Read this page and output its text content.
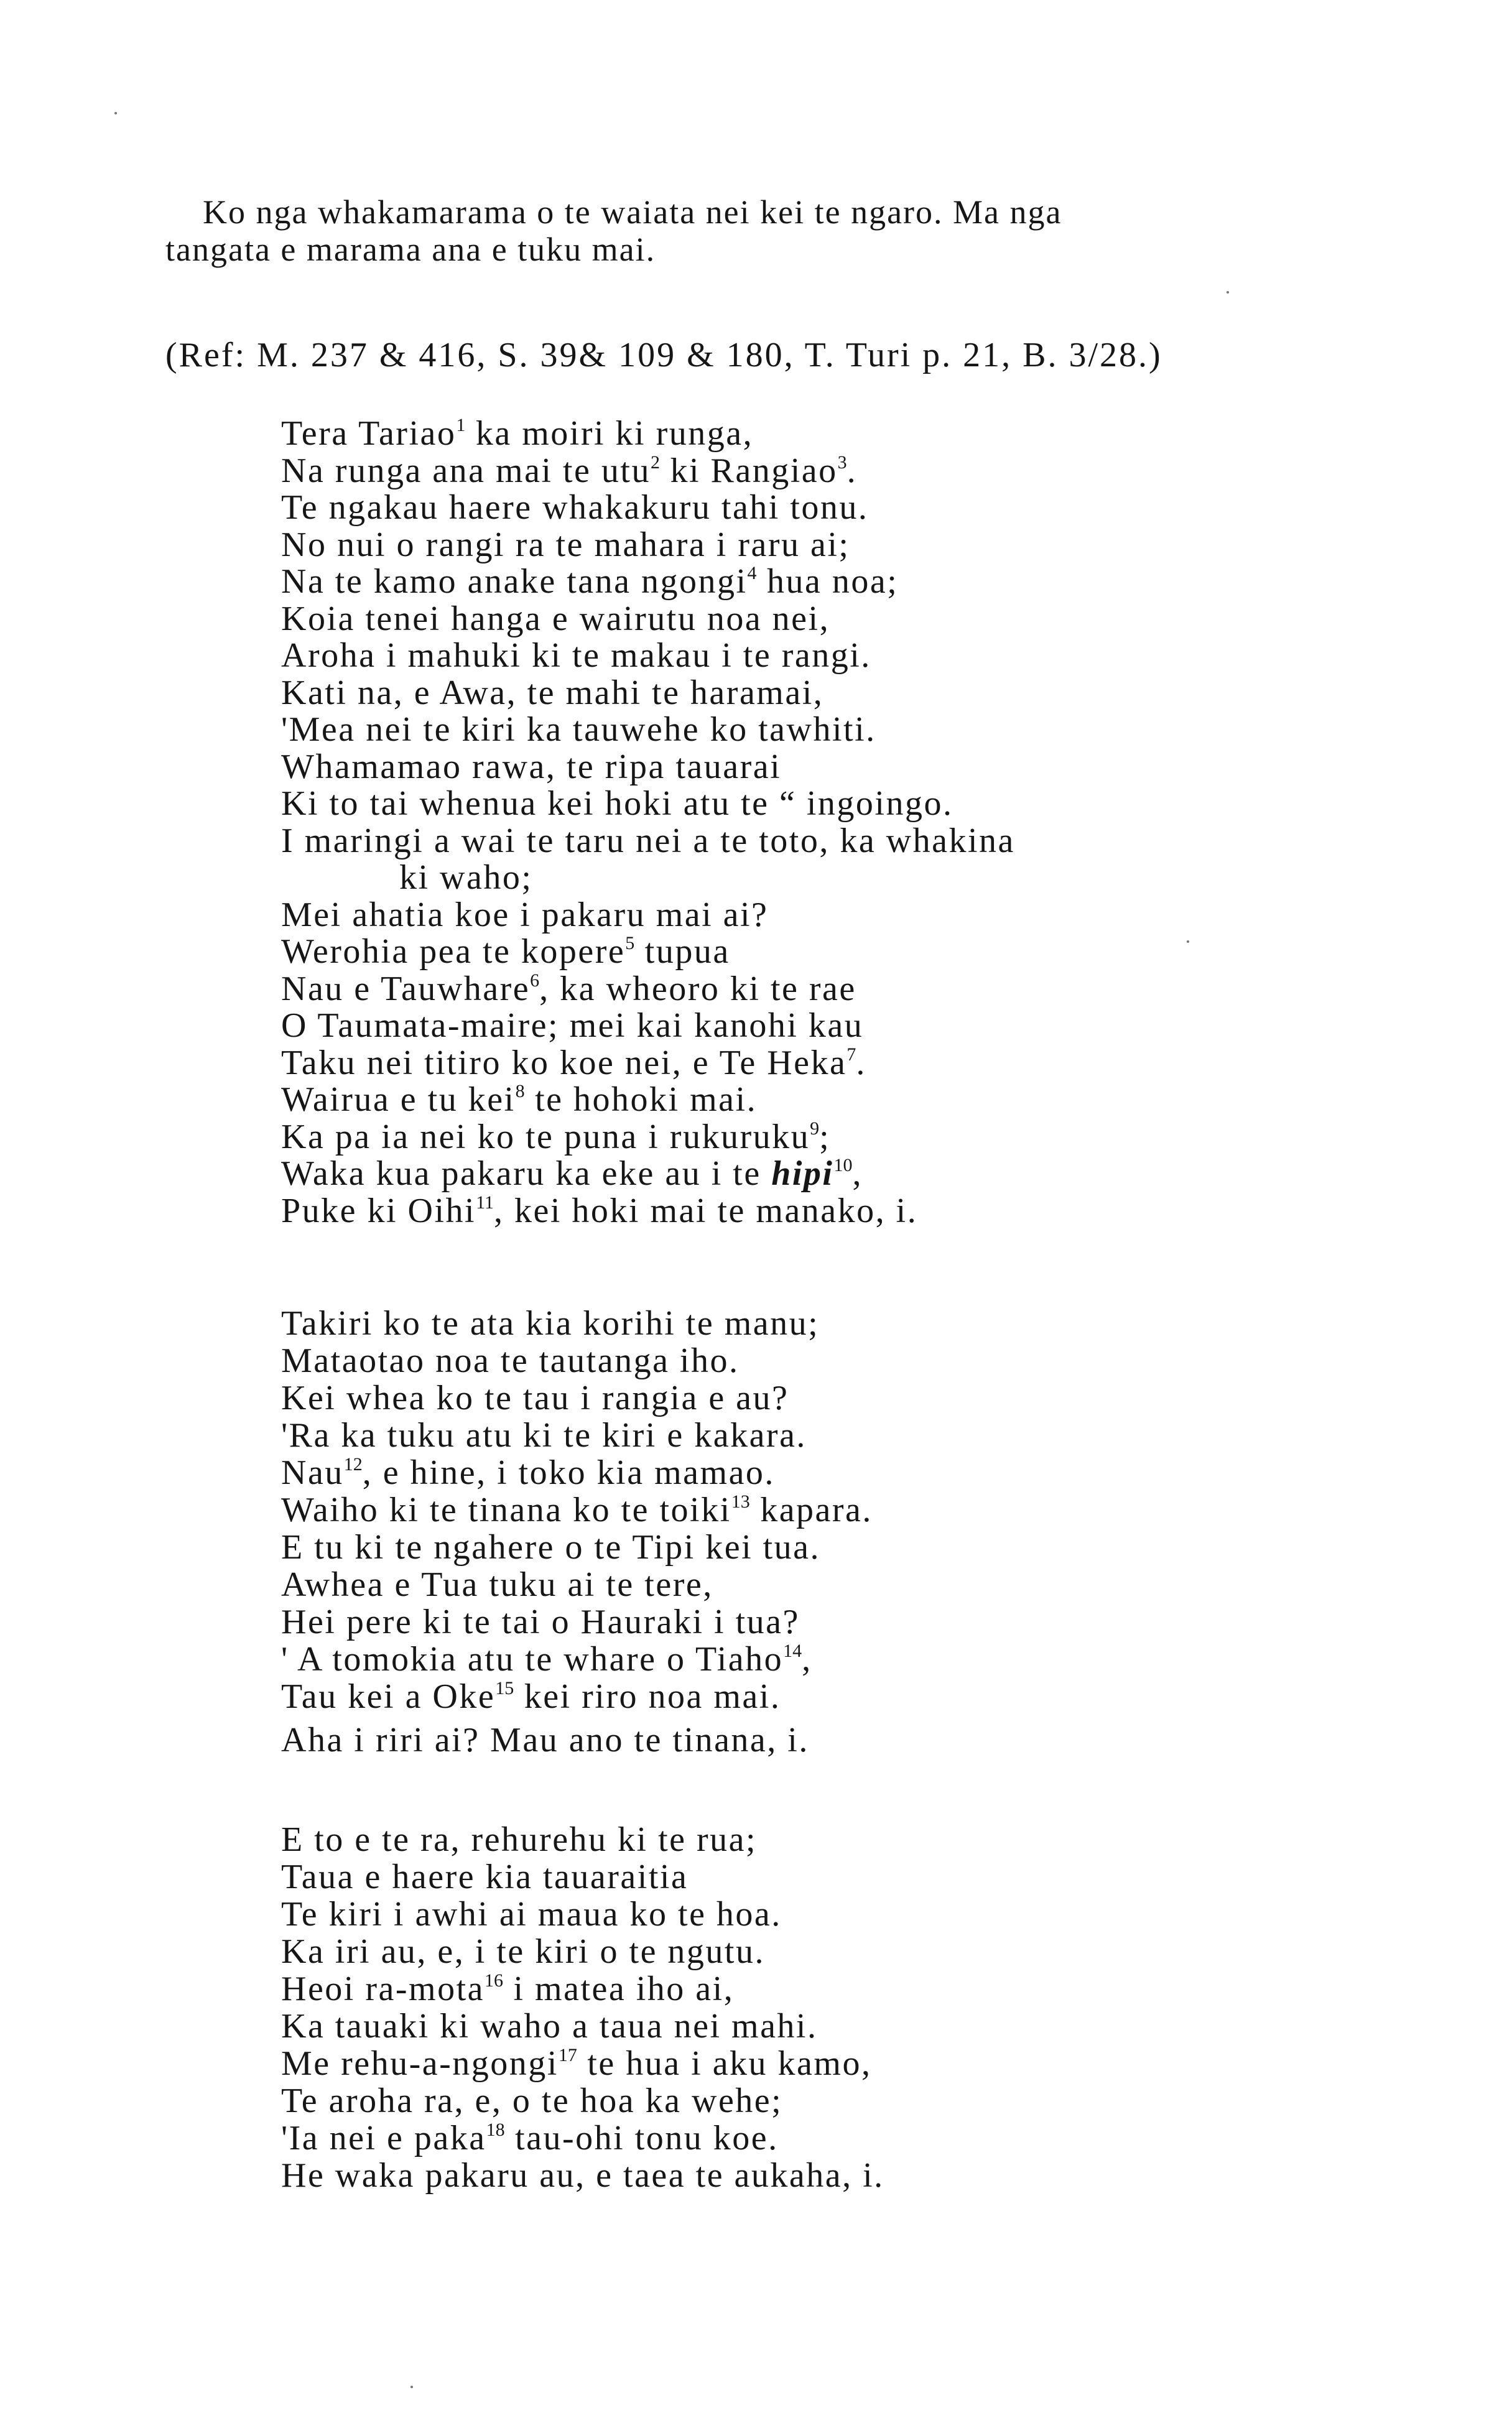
Ko nga whakamarama o te waiata nei kei te ngaro. Ma nga
tangata e marama ana e tuku mai.
(Ref: M. 237 & 416, S. 39& 109 & 180, T. Turi p. 21, B. 3/28.)
Tera Tariao$^1$ ka moiri ki runga,
Na runga ana mai te utu$^2$ ki Rangiao$^3$.
Te ngakau haere whakakuru tahi tonu.
No nui o rangi ra te mahara i raru ai;
Na te kamo anake tana ngongi$^4$ hua noa;
Koia tenei hanga e wairutu noa nei,
Aroha i mahuki ki te makau i te rangi.
Kati na, e Awa, te mahi te haramai,
'Mea nei te kiri ka tauwehe ko tawhiti.
Whamamao rawa, te ripa tauarai
Ki to tai whenua kei hoki atu te “ ingoingo.
I maringi a wai te taru nei a te toto, ka whakina
ki waho;
Mei ahatia koe i pakaru mai ai?
Werohia pea te kopere$^5$ tupua
Nau e Tauwhare$^6$, ka wheoro ki te rae
O Taumata-maire; mei kai kanohi kau
Taku nei titiro ko koe nei, e Te Heka$^7$.
Wairua e tu kei$^8$ te hohoki mai.
Ka pa ia nei ko te puna i rukuruku$^9$;
Waka kua pakaru ka eke au i te hipi$^{10}$,
Puke ki Oihi$^{11}$, kei hoki mai te manako, i.
Takiri ko te ata kia korihi te manu;
Mataotao noa te tautanga iho.
Kei whea ko te tau i rangia e au?
'Ra ka tuku atu ki te kiri e kakara.
Nau$^{12}$, e hine, i toko kia mamao.
Waiho ki te tinana ko te toiki$^{13}$ kapara.
E tu ki te ngahere o te Tipi kei tua.
Awhea e Tua tuku ai te tere,
Hei pere ki te tai o Hauraki i tua?
' A tomokia atu te whare o Tiaho$^{14}$,
Tau kei a Oke$^{15}$ kei riro noa mai.
Aha i riri ai? Mau ano te tinana, i.
E to e te ra, rehurehu ki te rua;
Taua e haere kia tauaraitia
Te kiri i awhi ai maua ko te hoa.
Ka iri au, e, i te kiri o te ngutu.
Heoi ra-mota$^{16}$ i matea iho ai,
Ka tauaki ki waho a taua nei mahi.
Me rehu-a-ngongi$^{17}$ te hua i aku kamo,
Te aroha ra, e, o te hoa ka wehe;
'Ia nei e paka$^{18}$ tau-ohi tonu koe.
He waka pakaru au, e taea te aukaha, i.
